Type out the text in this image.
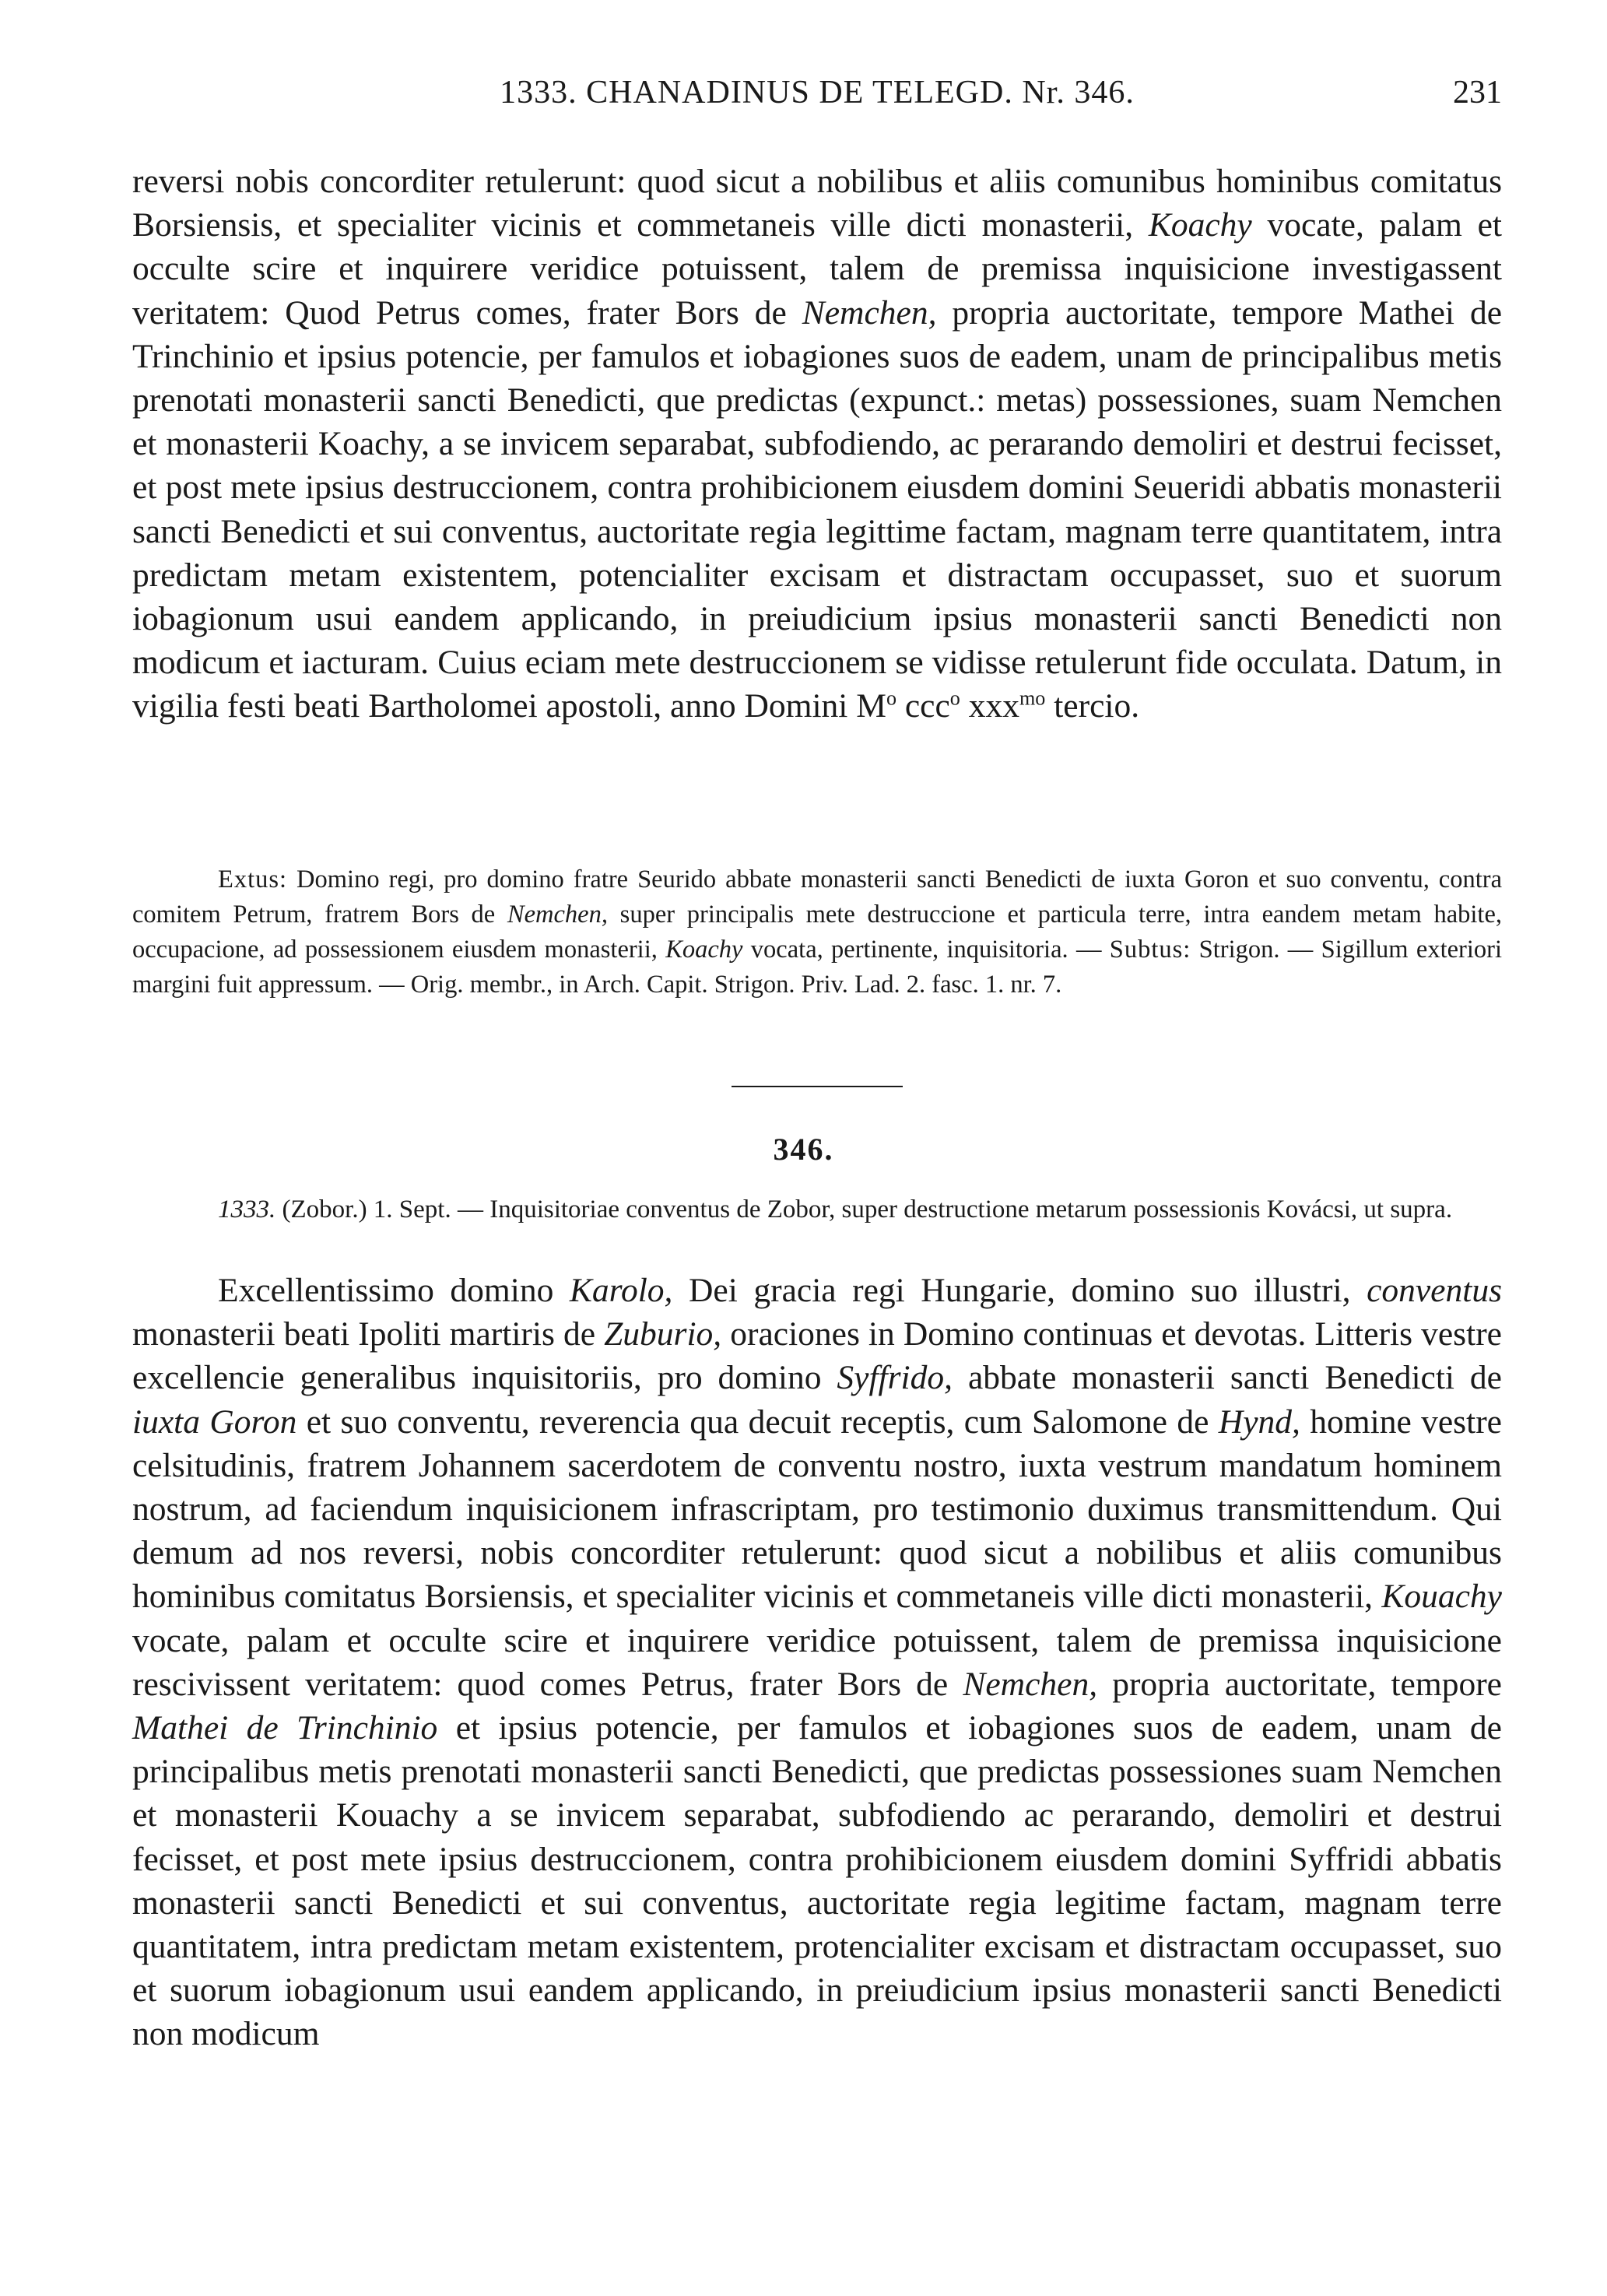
1333. CHANADINUS DE TELEGD. Nr. 346.	231

reversi nobis concorditer retulerunt: quod sicut a nobilibus et aliis comunibus hominibus comitatus Borsiensis, et specialiter vicinis et commetaneis ville dicti monasterii, Koachy vocate, palam et occulte scire et inquirere veridice potuissent, talem de premissa inquisicione investigassent veritatem: Quod Petrus comes, frater Bors de Nemchen, propria auctoritate, tempore Mathei de Trinchinio et ipsius potencie, per famulos et iobagiones suos de eadem, unam de principalibus metis prenotati monasterii sancti Benedicti, que predictas (expunct.: metas) possessiones, suam Nemchen et monasterii Koachy, a se invicem separabat, subfodiendo, ac perarando demoliri et destrui fecisset, et post mete ipsius destruccionem, contra prohibicionem eiusdem domini Seueridi abbatis monasterii sancti Benedicti et sui conventus, auctoritate regia legittime factam, magnam terre quantitatem, intra predictam metam existentem, potencialiter excisam et distractam occupasset, suo et suorum iobagionum usui eandem applicando, in preiudicium ipsius monasterii sancti Benedicti non modicum et iacturam. Cuius eciam mete destruccionem se vidisse retulerunt fide occulata. Datum, in vigilia festi beati Bartholomei apostoli, anno Domini $M^o$ ccc$^o$ xxx$^{mo}$ tercio.

Extus: Domino regi, pro domino fratre Seurido abbate monasterii sancti Benedicti de iuxta Goron et suo conventu, contra comitem Petrum, fratrem Bors de Nemchen, super principalis mete destruccione et particula terre, intra eandem metam habite, occupacione, ad possessionem eiusdem monasterii, Koachy vocata, pertinente, inquisitoria. — Subtus: Strigon. — Sigillum exteriori margini fuit appressum. — Orig. membr., in Arch. Capit. Strigon. Priv. Lad. 2. fasc. 1. nr. 7.

346.

1333. (Zobor.) 1. Sept. — Inquisitoriae conventus de Zobor, super destructione metarum possessionis Kovácsi, ut supra.

Excellentissimo domino Karolo, Dei gracia regi Hungarie, domino suo illustri, conventus monasterii beati Ipoliti martiris de Zuburio, oraciones in Domino continuas et devotas. Litteris vestre excellencie generalibus inquisitoriis, pro domino Syffrido, abbate monasterii sancti Benedicti de iuxta Goron et suo conventu, reverencia qua decuit receptis, cum Salomone de Hynd, homine vestre celsitudinis, fratrem Johannem sacerdotem de conventu nostro, iuxta vestrum mandatum hominem nostrum, ad faciendum inquisicionem infrascriptam, pro testimonio duximus transmittendum. Qui demum ad nos reversi, nobis concorditer retulerunt: quod sicut a nobilibus et aliis comunibus hominibus comitatus Borsiensis, et specialiter vicinis et commetaneis ville dicti monasterii, Kouachy vocate, palam et occulte scire et inquirere veridice potuissent, talem de premissa inquisicione rescivissent veritatem: quod comes Petrus, frater Bors de Nemchen, propria auctoritate, tempore Mathei de Trinchinio et ipsius potencie, per famulos et iobagiones suos de eadem, unam de principalibus metis prenotati monasterii sancti Benedicti, que predictas possessiones suam Nemchen et monasterii Kouachy a se invicem separabat, subfodiendo ac perarando, demoliri et destrui fecisset, et post mete ipsius destruccionem, contra prohibicionem eiusdem domini Syffridi abbatis monasterii sancti Benedicti et sui conventus, auctoritate regia legitime factam, magnam terre quantitatem, intra predictam metam existentem, protencialiter excisam et distractam occupasset, suo et suorum iobagionum usui eandem applicando, in preiudicium ipsius monasterii sancti Benedicti non modicum
